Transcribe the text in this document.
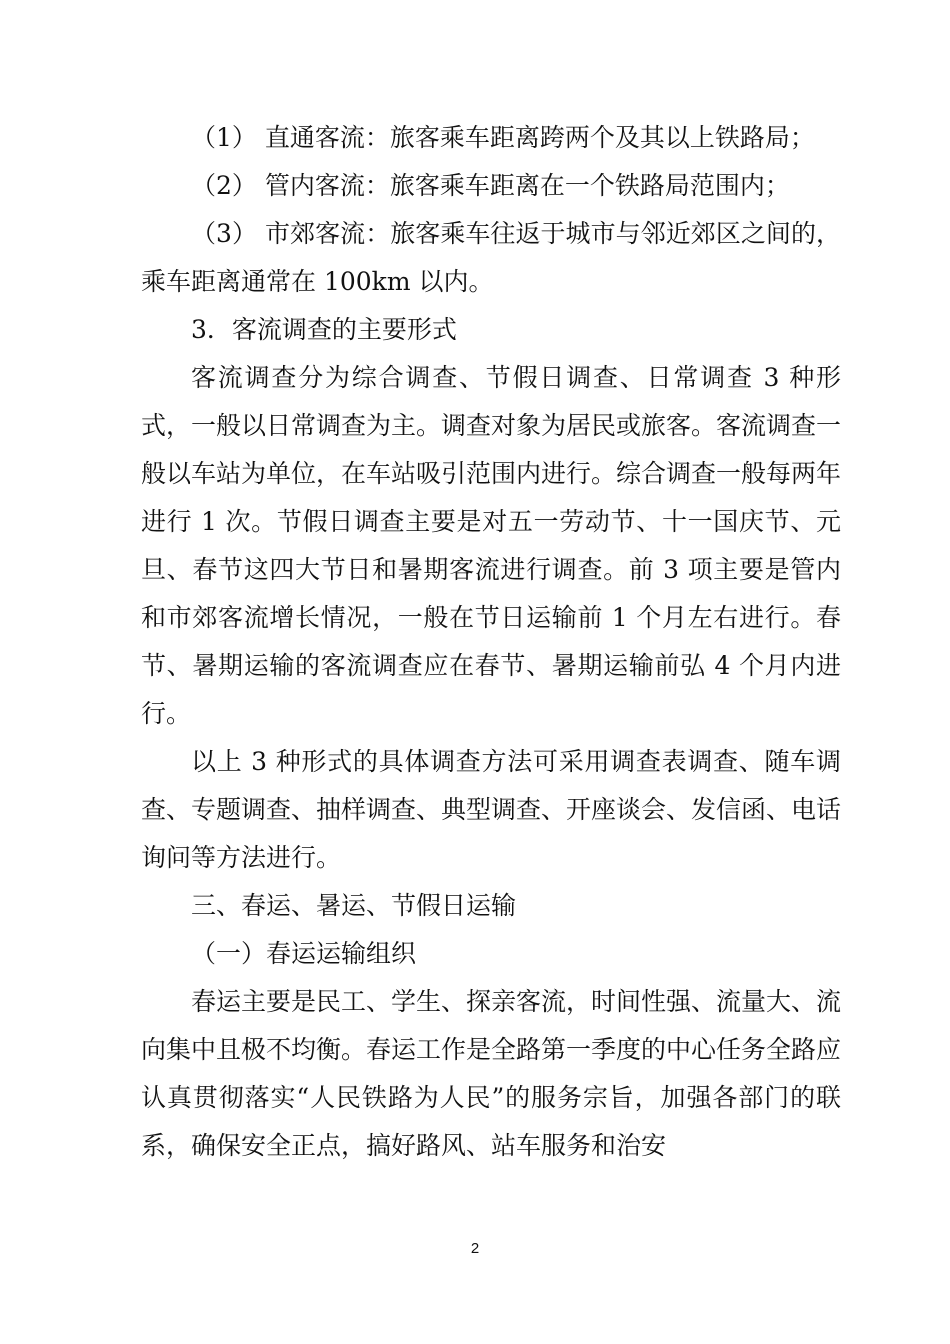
（1） 直通客流：旅客乘车距离跨两个及其以上铁路局；

（2） 管内客流：旅客乘车距离在一个铁路局范围内；

（3） 市郊客流：旅客乘车往返于城市与邻近郊区之间的，乘车距离通常在 100km 以内。

3．客流调查的主要形式

客流调查分为综合调查、节假日调查、日常调查 3 种形式，一般以日常调查为主。调查对象为居民或旅客。客流调查一般以车站为单位，在车站吸引范围内进行。综合调查一般每两年进行 1 次。节假日调查主要是对五一劳动节、十一国庆节、元旦、春节这四大节日和暑期客流进行调查。前 3 项主要是管内和市郊客流增长情况，一般在节日运输前 1 个月左右进行。春节、暑期运输的客流调查应在春节、暑期运输前弘 4 个月内进行。

以上 3 种形式的具体调查方法可采用调查表调查、随车调查、专题调查、抽样调查、典型调查、开座谈会、发信函、电话询问等方法进行。

三、春运、暑运、节假日运输

（一）春运运输组织

春运主要是民工、学生、探亲客流，时间性强、流量大、流向集中且极不均衡。春运工作是全路第一季度的中心任务全路应认真贯彻落实“人民铁路为人民”的服务宗旨，加强各部门的联系，确保安全正点，搞好路风、站车服务和治安

2
